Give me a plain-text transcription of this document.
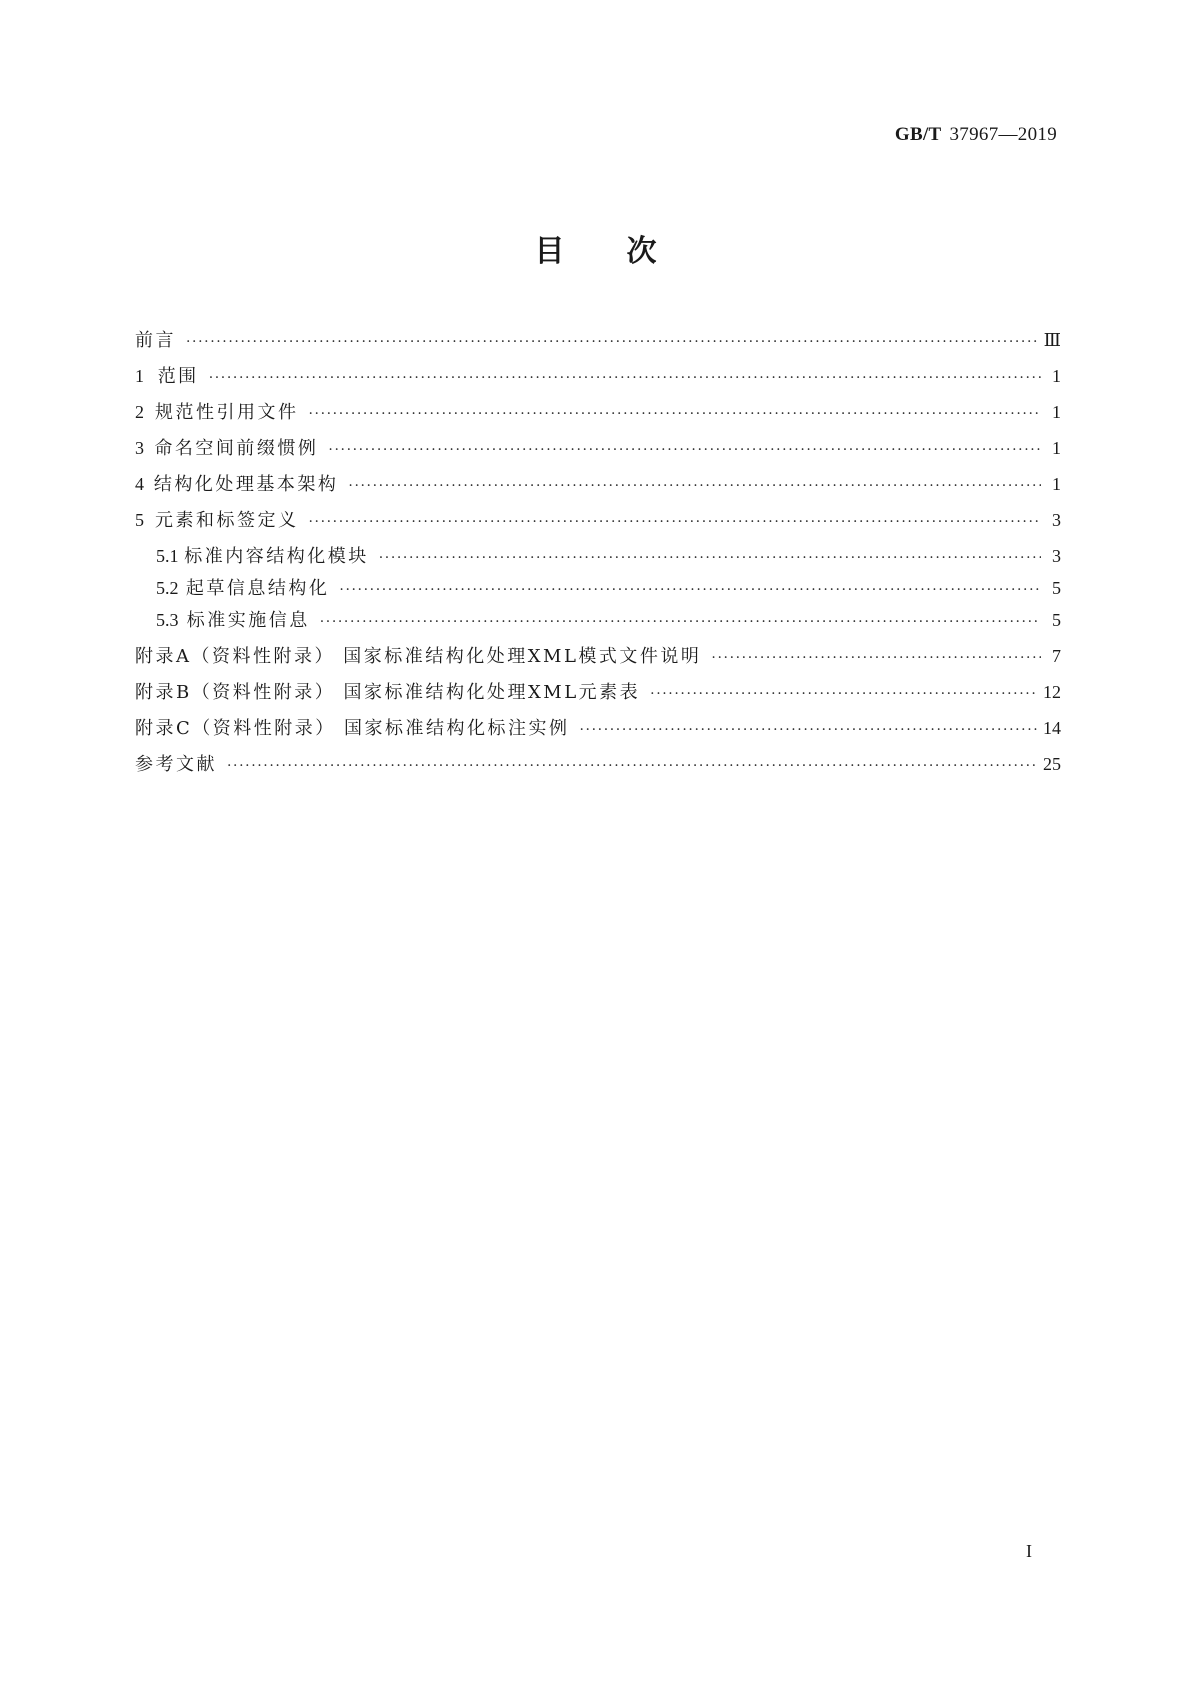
GB/T 37967—2019
目次
前言 ·····	Ⅲ
1 范围 ·····	1
2 规范性引用文件 ·····	1
3 命名空间前缀惯例 ·····	1
4 结构化处理基本架构 ·····	1
5 元素和标签定义 ·····	3
5.1 标准内容结构化模块 ·····	3
5.2 起草信息结构化 ·····	5
5.3 标准实施信息 ·····	5
附录A（资料性附录） 国家标准结构化处理XML模式文件说明 ·····	7
附录B（资料性附录） 国家标准结构化处理XML元素表 ·····	12
附录C（资料性附录） 国家标准结构化标注实例 ·····	14
参考文献 ·····	25
I
